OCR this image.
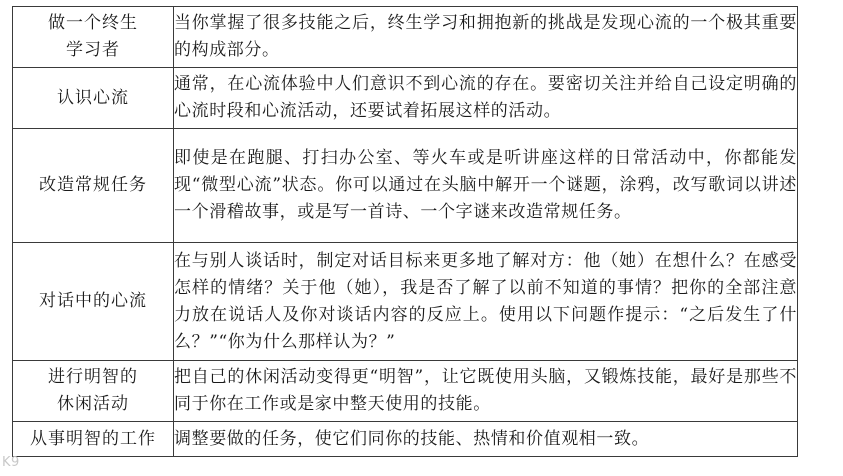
做一个终生
学习者	当你掌握了很多技能之后，终生学习和拥抱新的挑战是发现心流的一个极其重要的构成部分。

认识心流	通常，在心流体验中人们意识不到心流的存在。要密切关注并给自己设定明确的心流时段和心流活动，还要试着拓展这样的活动。

改造常规任务	即使是在跑腿、打扫办公室、等火车或是听讲座这样的日常活动中，你都能发现“微型心流”状态。你可以通过在头脑中解开一个谜题，涂鸦，改写歌词以讲述一个滑稽故事，或是写一首诗、一个字谜来改造常规任务。

对话中的心流	在与别人谈话时，制定对话目标来更多地了解对方：他（她）在想什么？在感受怎样的情绪？关于他（她），我是否了解了以前不知道的事情？把你的全部注意力放在说话人及你对谈话内容的反应上。使用以下问题作提示：“之后发生了什么？”“你为什么那样认为？”

进行明智的
休闲活动	把自己的休闲活动变得更“明智”，让它既使用头脑，又锻炼技能，最好是那些不同于你在工作或是家中整天使用的技能。

从事明智的工作	调整要做的任务，使它们同你的技能、热情和价值观相一致。
K9
